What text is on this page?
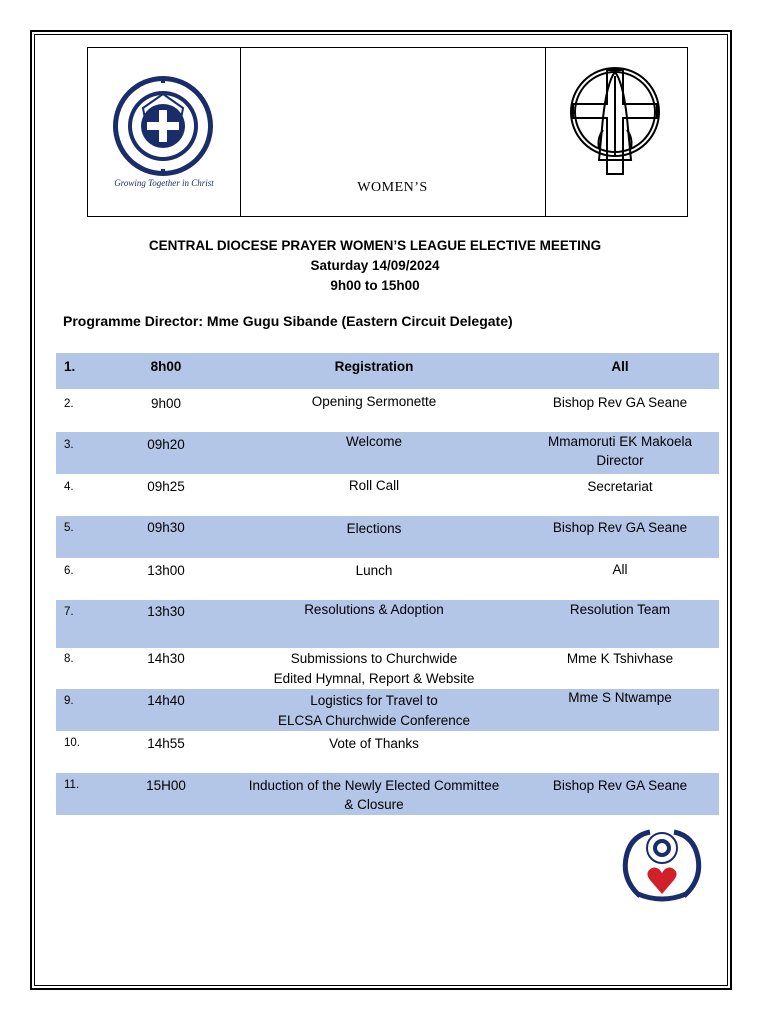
Growing Together in Christ	WOMEN’S
CENTRAL DIOCESE PRAYER WOMEN’S LEAGUE ELECTIVE MEETING
Saturday 14/09/2024
9h00 to 15h00
Programme Director: Mme Gugu Sibande (Eastern Circuit Delegate)
1.	8h00	Registration	All
2.	9h00	Opening Sermonette	Bishop Rev GA Seane
3.	09h20	Welcome	Mmamoruti EK Makoela
Director
4.	09h25	Roll Call	Secretariat
5.	09h30	Elections	Bishop Rev GA Seane
6.	13h00	Lunch	All
7.	13h30	Resolutions & Adoption	Resolution Team
8.	14h30	Submissions to Churchwide
Edited Hymnal, Report & Website
Mme K Tshivhase
9.	14h40	Logistics for Travel to
ELCSA Churchwide Conference
Mme S Ntwampe
10.	14h55	Vote of Thanks
11.	15H00	Induction of the Newly Elected Committee
& Closure
Bishop Rev GA Seane
